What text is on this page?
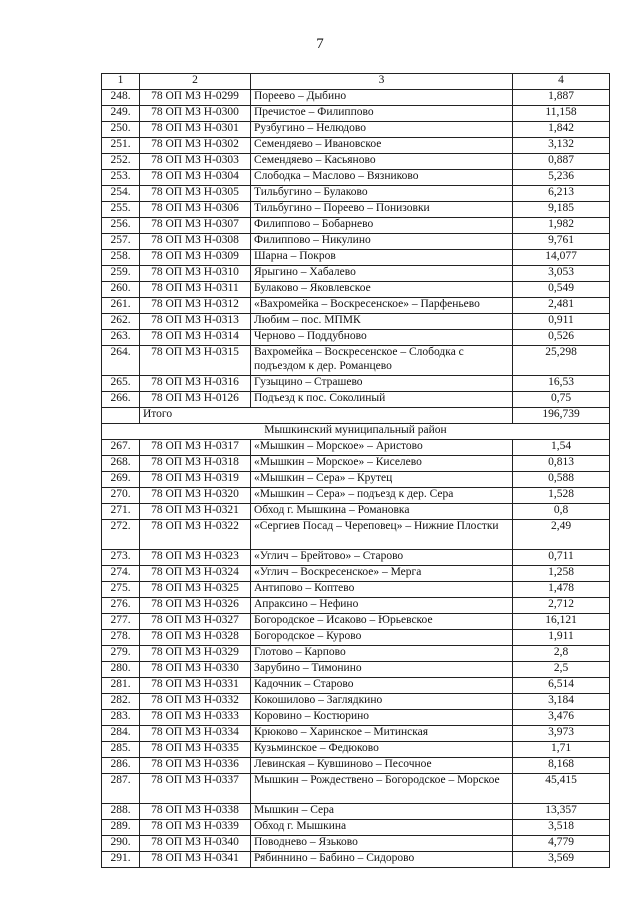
7
1	2	3	4
248.	78 ОП МЗ Н-0299	Пореево – Дыбино	1,887
249.	78 ОП МЗ Н-0300	Пречистое – Филиппово	11,158
250.	78 ОП МЗ Н-0301	Рузбугино – Нелюдово	1,842
251.	78 ОП МЗ Н-0302	Семендяево – Ивановское	3,132
252.	78 ОП МЗ Н-0303	Семендяево – Касьяново	0,887
253.	78 ОП МЗ Н-0304	Слободка – Маслово – Вязниково	5,236
254.	78 ОП МЗ Н-0305	Тильбугино – Булаково	6,213
255.	78 ОП МЗ Н-0306	Тильбугино – Пореево – Понизовки	9,185
256.	78 ОП МЗ Н-0307	Филиппово – Бобарнево	1,982
257.	78 ОП МЗ Н-0308	Филиппово – Никулино	9,761
258.	78 ОП МЗ Н-0309	Шарна – Покров	14,077
259.	78 ОП МЗ Н-0310	Ярыгино – Хабалево	3,053
260.	78 ОП МЗ Н-0311	Булаково – Яковлевское	0,549
261.	78 ОП МЗ Н-0312	«Вахромейка – Воскресенское» – Парфеньево	2,481
262.	78 ОП МЗ Н-0313	Любим – пос. МПМК	0,911
263.	78 ОП МЗ Н-0314	Черново – Поддубново	0,526
264.	78 ОП МЗ Н-0315	Вахромейка – Воскресенское – Слободка с подъездом к дер. Романцево	25,298
265.	78 ОП МЗ Н-0316	Гузыцино – Страшево	16,53
266.	78 ОП МЗ Н-0126	Подъезд к пос. Соколиный	0,75
	Итого		196,739
Мышкинский муниципальный район			
267.	78 ОП МЗ Н-0317	«Мышкин – Морское» – Аристово	1,54
268.	78 ОП МЗ Н-0318	«Мышкин – Морское» – Киселево	0,813
269.	78 ОП МЗ Н-0319	«Мышкин – Сера» – Крутец	0,588
270.	78 ОП МЗ Н-0320	«Мышкин – Сера» – подъезд к дер. Сера	1,528
271.	78 ОП МЗ Н-0321	Обход г. Мышкина – Романовка	0,8
272.	78 ОП МЗ Н-0322	«Сергиев Посад – Череповец» – Нижние Плостки	2,49
273.	78 ОП МЗ Н-0323	«Углич – Брейтово» – Старово	0,711
274.	78 ОП МЗ Н-0324	«Углич – Воскресенское» – Мерга	1,258
275.	78 ОП МЗ Н-0325	Антипово – Коптево	1,478
276.	78 ОП МЗ Н-0326	Апраксино – Нефино	2,712
277.	78 ОП МЗ Н-0327	Богородское – Исаково – Юрьевское	16,121
278.	78 ОП МЗ Н-0328	Богородское – Курово	1,911
279.	78 ОП МЗ Н-0329	Глотово – Карпово	2,8
280.	78 ОП МЗ Н-0330	Зарубино – Тимонино	2,5
281.	78 ОП МЗ Н-0331	Кадочник – Старово	6,514
282.	78 ОП МЗ Н-0332	Кокошилово – Заглядкино	3,184
283.	78 ОП МЗ Н-0333	Коровино – Костюрино	3,476
284.	78 ОП МЗ Н-0334	Крюково – Харинское – Митинская	3,973
285.	78 ОП МЗ Н-0335	Кузьминское – Федюково	1,71
286.	78 ОП МЗ Н-0336	Левинская – Кувшиново – Песочное	8,168
287.	78 ОП МЗ Н-0337	Мышкин – Рождествено – Богородское – Морское	45,415
288.	78 ОП МЗ Н-0338	Мышкин – Сера	13,357
289.	78 ОП МЗ Н-0339	Обход г. Мышкина	3,518
290.	78 ОП МЗ Н-0340	Поводнево – Язьково	4,779
291.	78 ОП МЗ Н-0341	Рябиннино – Бабино – Сидорово	3,569
